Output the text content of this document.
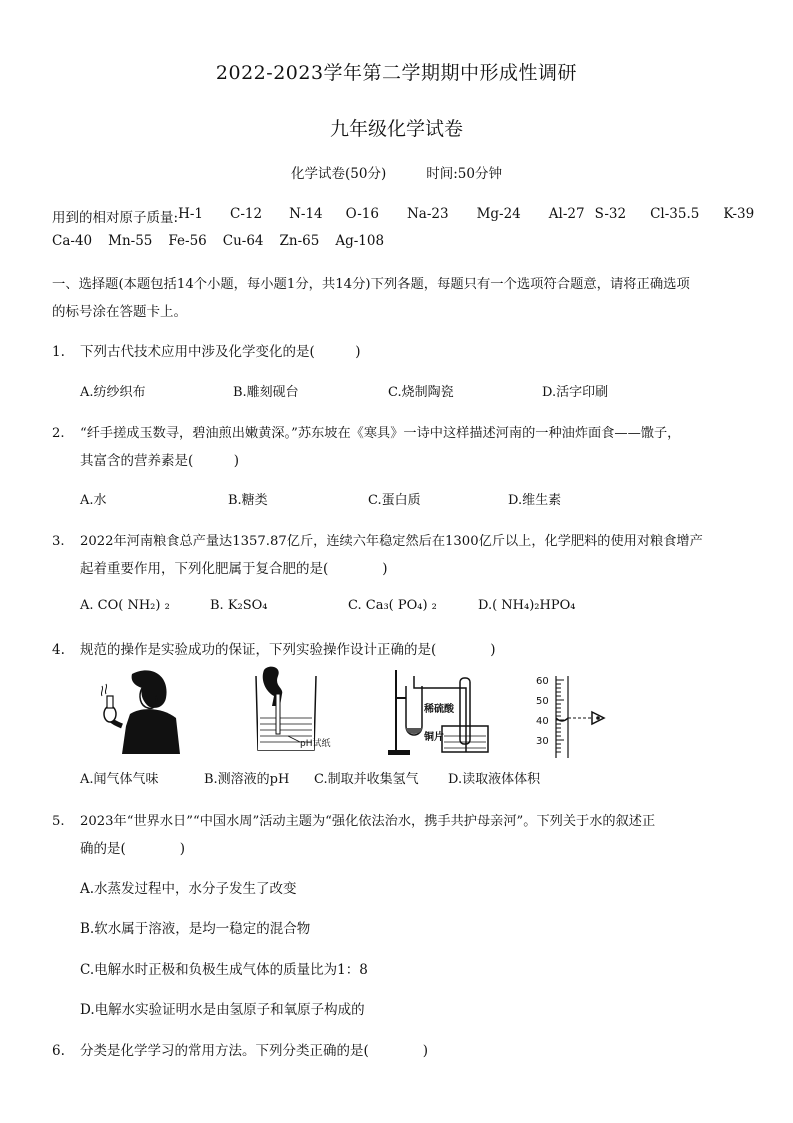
2022-2023学年第二学期期中形成性调研
九年级化学试卷
化学试卷(50分)	时间:50分钟
用到的相对原子质量: H-1 C-12 N-14 O-16 Na-23 Mg-24 Al-27 S-32 Cl-35.5 K-39
Ca-40 Mn-55 Fe-56 Cu-64 Zn-65 Ag-108
一、选择题(本题包括14个小题，每小题1分，共14分)下列各题，每题只有一个选项符合题意，请将正确选项
的标号涂在答题卡上。
1. 下列古代技术应用中涉及化学变化的是(　　　)
A.纺纱织布	B.雕刻砚台	C.烧制陶瓷	D.活字印刷
2. “纤手搓成玉数寻，碧油煎出嫩黄深。”苏东坡在《寒具》一诗中这样描述河南的一种油炸面食——馓子，
其富含的营养素是(　　　)
A.水	B.糖类	C.蛋白质	D.维生素
3. 2022年河南粮食总产量达1357.87亿斤，连续六年稳定然后在1300亿斤以上，化学肥料的使用对粮食增产
起着重要作用，下列化肥属于复合肥的是(　　　　)
A. CO( NH₂) ₂	B. K₂SO₄	C. Ca₃( PO₄) ₂	D.( NH₄)₂HPO₄
4. 规范的操作是实验成功的保证，下列实验操作设计正确的是(　　　　)
pH试纸
稀硫酸
铜片
60
50
40
30
A.闻气体气味	B.测溶液的pH C.制取并收集氢气 D.读取液体体积
5. 2023年“世界水日”“中国水周”活动主题为“强化依法治水，携手共护母亲河”。下列关于水的叙述正
确的是(　　　　)
A.水蒸发过程中，水分子发生了改变
B.软水属于溶液，是均一稳定的混合物
C.电解水时正极和负极生成气体的质量比为1：8
D.电解水实验证明水是由氢原子和氧原子构成的
6. 分类是化学学习的常用方法。下列分类正确的是(　　　　)
